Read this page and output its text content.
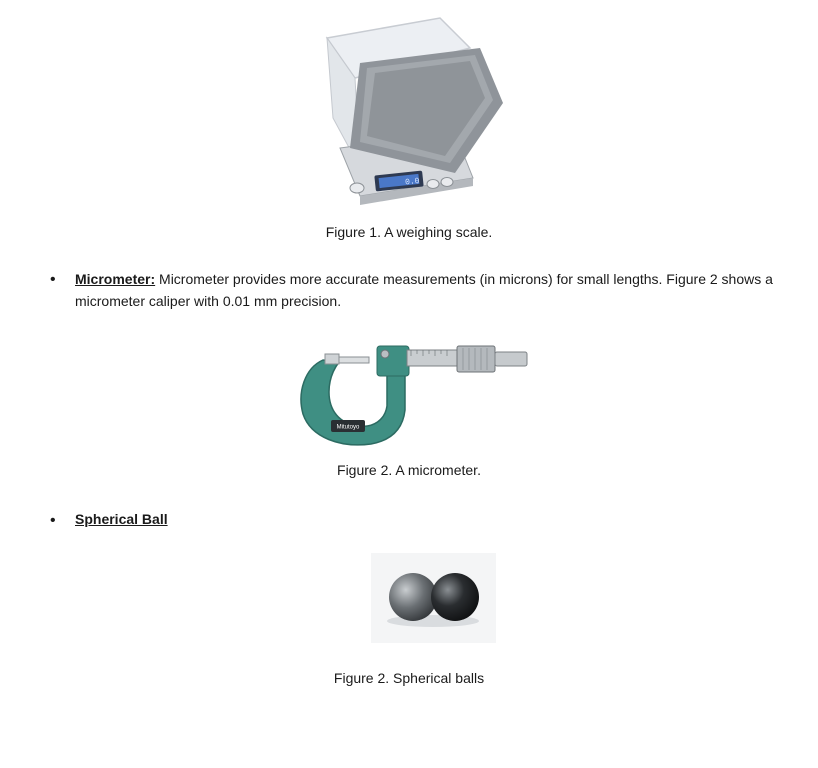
0.0
Figure 1. A weighing scale.
• Micrometer: Micrometer provides more accurate measurements (in microns) for small lengths. Figure 2 shows a micrometer caliper with 0.01 mm precision.
Mitutoyo
Figure 2. A micrometer.
• Spherical Ball
Figure 2. Spherical balls
